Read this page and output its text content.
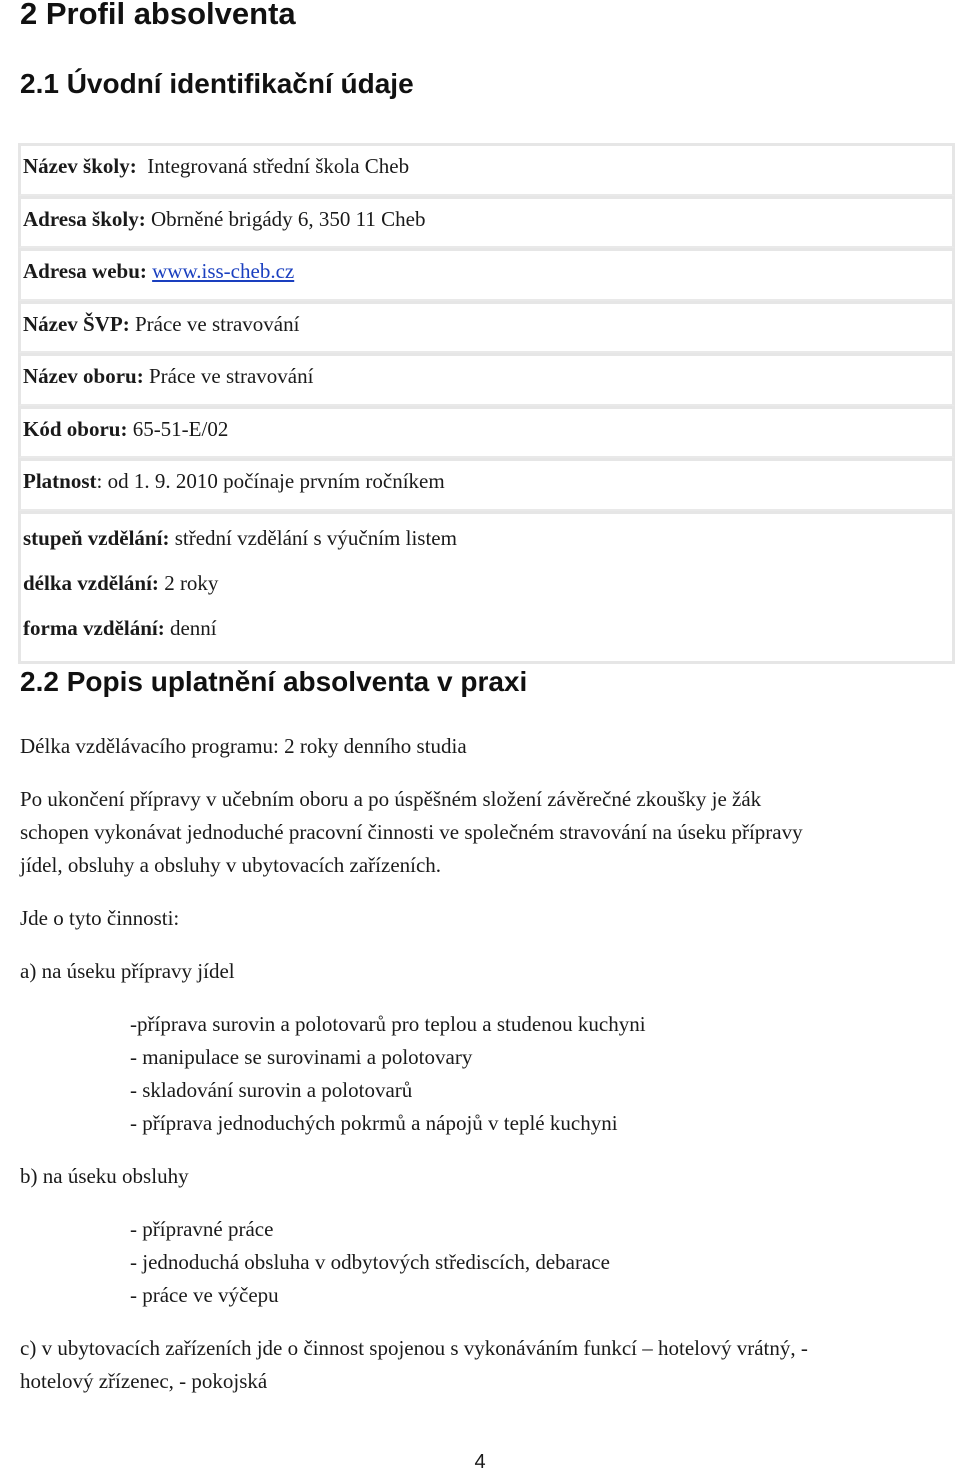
2 Profil absolventa
2.1 Úvodní identifikační údaje
Název školy:  Integrovaná střední škola Cheb
Adresa školy: Obrněné brigády 6, 350 11 Cheb
Adresa webu: www.iss-cheb.cz
Název ŠVP: Práce ve stravování
Název oboru: Práce ve stravování
Kód oboru: 65-51-E/02
Platnost: od 1. 9. 2010 počínaje prvním ročníkem
stupeň vzdělání: střední vzdělání s výučním listem
délka vzdělání: 2 roky
forma vzdělání: denní
2.2 Popis uplatnění absolventa v praxi

Délka vzdělávacího programu: 2 roky denního studia

Po ukončení přípravy v učebním oboru a po úspěšném složení závěrečné zkoušky je žák

schopen vykonávat jednoduché pracovní činnosti ve společném stravování na úseku přípravy

jídel, obsluhy a obsluhy v ubytovacích zařízeních.

Jde o tyto činnosti:

a) na úseku přípravy jídel

-příprava surovin a polotovarů pro teplou a studenou kuchyni

- manipulace se surovinami a polotovary

- skladování surovin a polotovarů

- příprava jednoduchých pokrmů a nápojů v teplé kuchyni

b) na úseku obsluhy

- přípravné práce

- jednoduchá obsluha v odbytových střediscích, debarace

- práce ve výčepu

c) v ubytovacích zařízeních jde o činnost spojenou s vykonáváním funkcí – hotelový vrátný, -

hotelový zřízenec, - pokojská

4
